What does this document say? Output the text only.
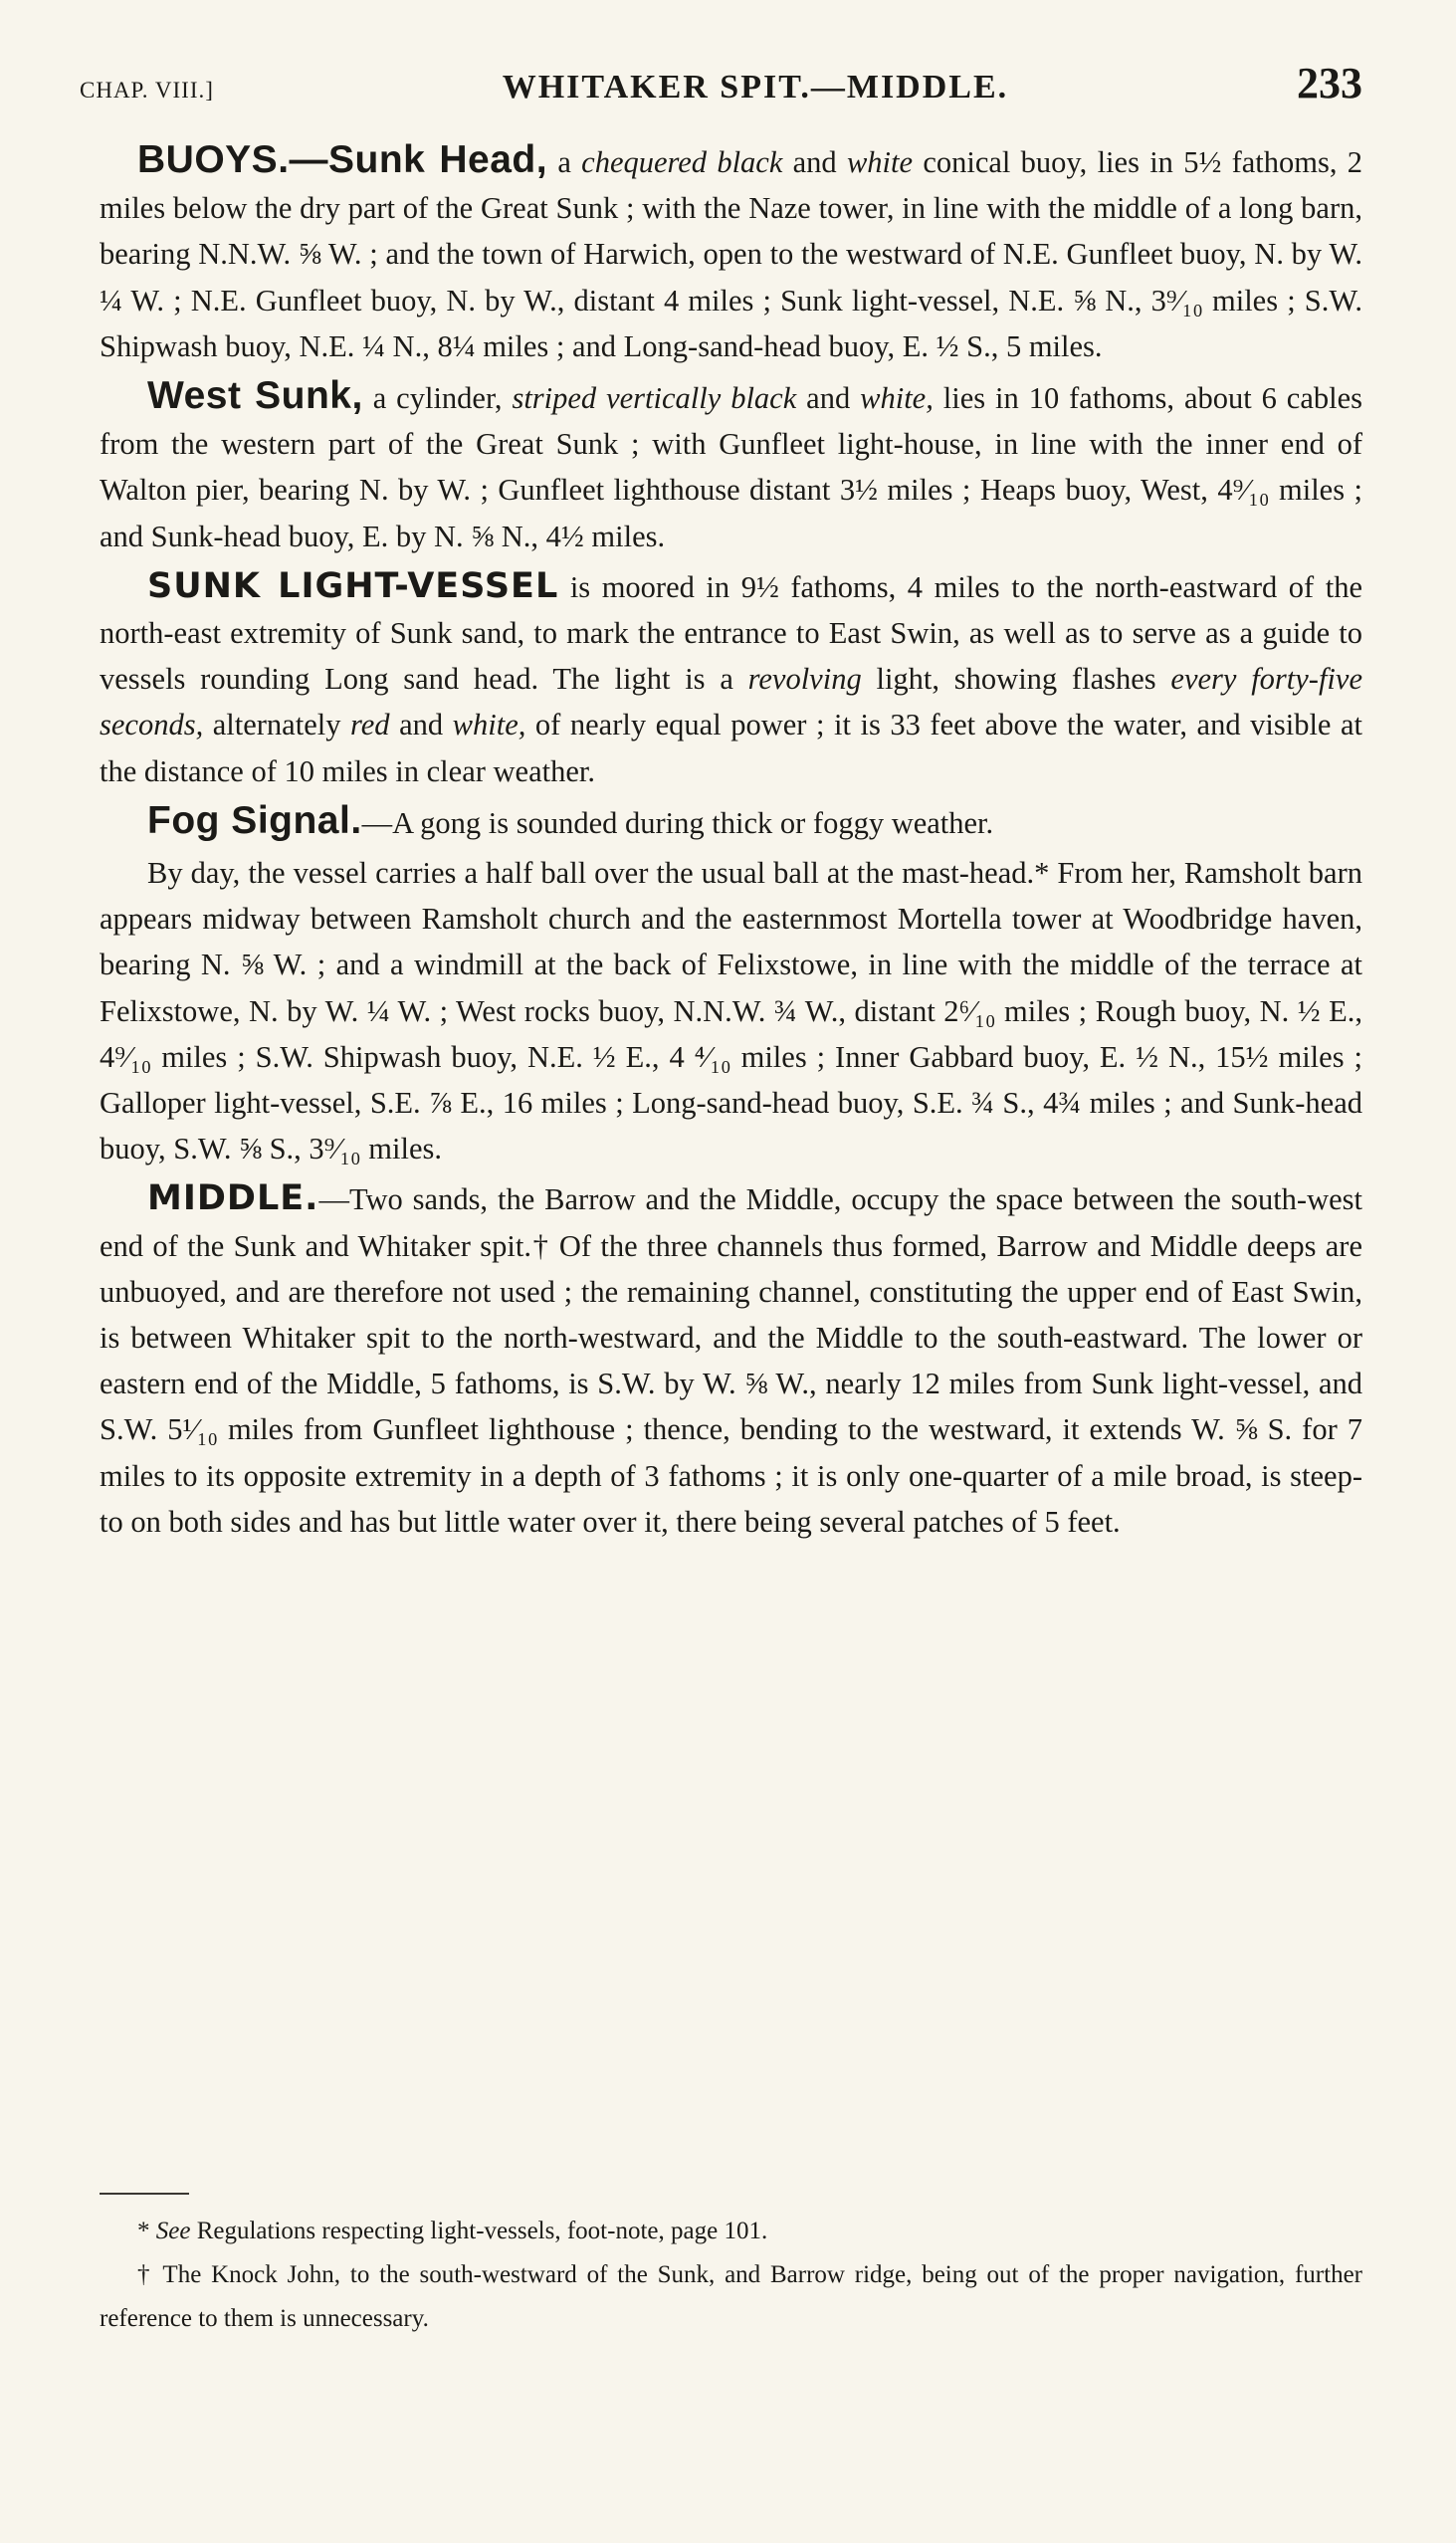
CHAP. VIII.]	WHITAKER SPIT.—MIDDLE.	233

BUOYS.—Sunk Head, a chequered black and white conical buoy, lies in 5½ fathoms, 2 miles below the dry part of the Great Sunk ; with the Naze tower, in line with the middle of a long barn, bearing N.N.W. ⅝ W. ; and the town of Harwich, open to the westward of N.E. Gunfleet buoy, N. by W. ¼ W. ; N.E. Gunfleet buoy, N. by W., distant 4 miles ; Sunk light-vessel, N.E. ⅝ N., 3⁹⁄₁₀ miles ; S.W. Shipwash buoy, N.E. ¼ N., 8¼ miles ; and Long-sand-head buoy, E. ½ S., 5 miles.

West Sunk, a cylinder, striped vertically black and white, lies in 10 fathoms, about 6 cables from the western part of the Great Sunk ; with Gunfleet light-house, in line with the inner end of Walton pier, bearing N. by W. ; Gunfleet lighthouse distant 3½ miles ; Heaps buoy, West, 4⁹⁄₁₀ miles ; and Sunk-head buoy, E. by N. ⅝ N., 4½ miles.

SUNK LIGHT-VESSEL is moored in 9½ fathoms, 4 miles to the north-eastward of the north-east extremity of Sunk sand, to mark the entrance to East Swin, as well as to serve as a guide to vessels rounding Long sand head. The light is a revolving light, showing flashes every forty-five seconds, alternately red and white, of nearly equal power ; it is 33 feet above the water, and visible at the distance of 10 miles in clear weather.

Fog Signal.—A gong is sounded during thick or foggy weather.

By day, the vessel carries a half ball over the usual ball at the mast-head.* From her, Ramsholt barn appears midway between Ramsholt church and the easternmost Mortella tower at Woodbridge haven, bearing N. ⅝ W. ; and a windmill at the back of Felixstowe, in line with the middle of the terrace at Felixstowe, N. by W. ¼ W. ; West rocks buoy, N.N.W. ¾ W., distant 2⁶⁄₁₀ miles ; Rough buoy, N. ½ E., 4⁹⁄₁₀ miles ; S.W. Shipwash buoy, N.E. ½ E., 4 ⁴⁄₁₀ miles ; Inner Gabbard buoy, E. ½ N., 15½ miles ; Galloper light-vessel, S.E. ⅞ E., 16 miles ; Long-sand-head buoy, S.E. ¾ S., 4¾ miles ; and Sunk-head buoy, S.W. ⅝ S., 3⁹⁄₁₀ miles.

MIDDLE.—Two sands, the Barrow and the Middle, occupy the space between the south-west end of the Sunk and Whitaker spit.† Of the three channels thus formed, Barrow and Middle deeps are unbuoyed, and are therefore not used ; the remaining channel, constituting the upper end of East Swin, is between Whitaker spit to the north-westward, and the Middle to the south-eastward. The lower or eastern end of the Middle, 5 fathoms, is S.W. by W. ⅝ W., nearly 12 miles from Sunk light-vessel, and S.W. 5¹⁄₁₀ miles from Gunfleet lighthouse ; thence, bending to the westward, it extends W. ⅝ S. for 7 miles to its opposite extremity in a depth of 3 fathoms ; it is only one-quarter of a mile broad, is steep-to on both sides and has but little water over it, there being several patches of 5 feet.

* See Regulations respecting light-vessels, foot-note, page 101.

† The Knock John, to the south-westward of the Sunk, and Barrow ridge, being out of the proper navigation, further reference to them is unnecessary.
